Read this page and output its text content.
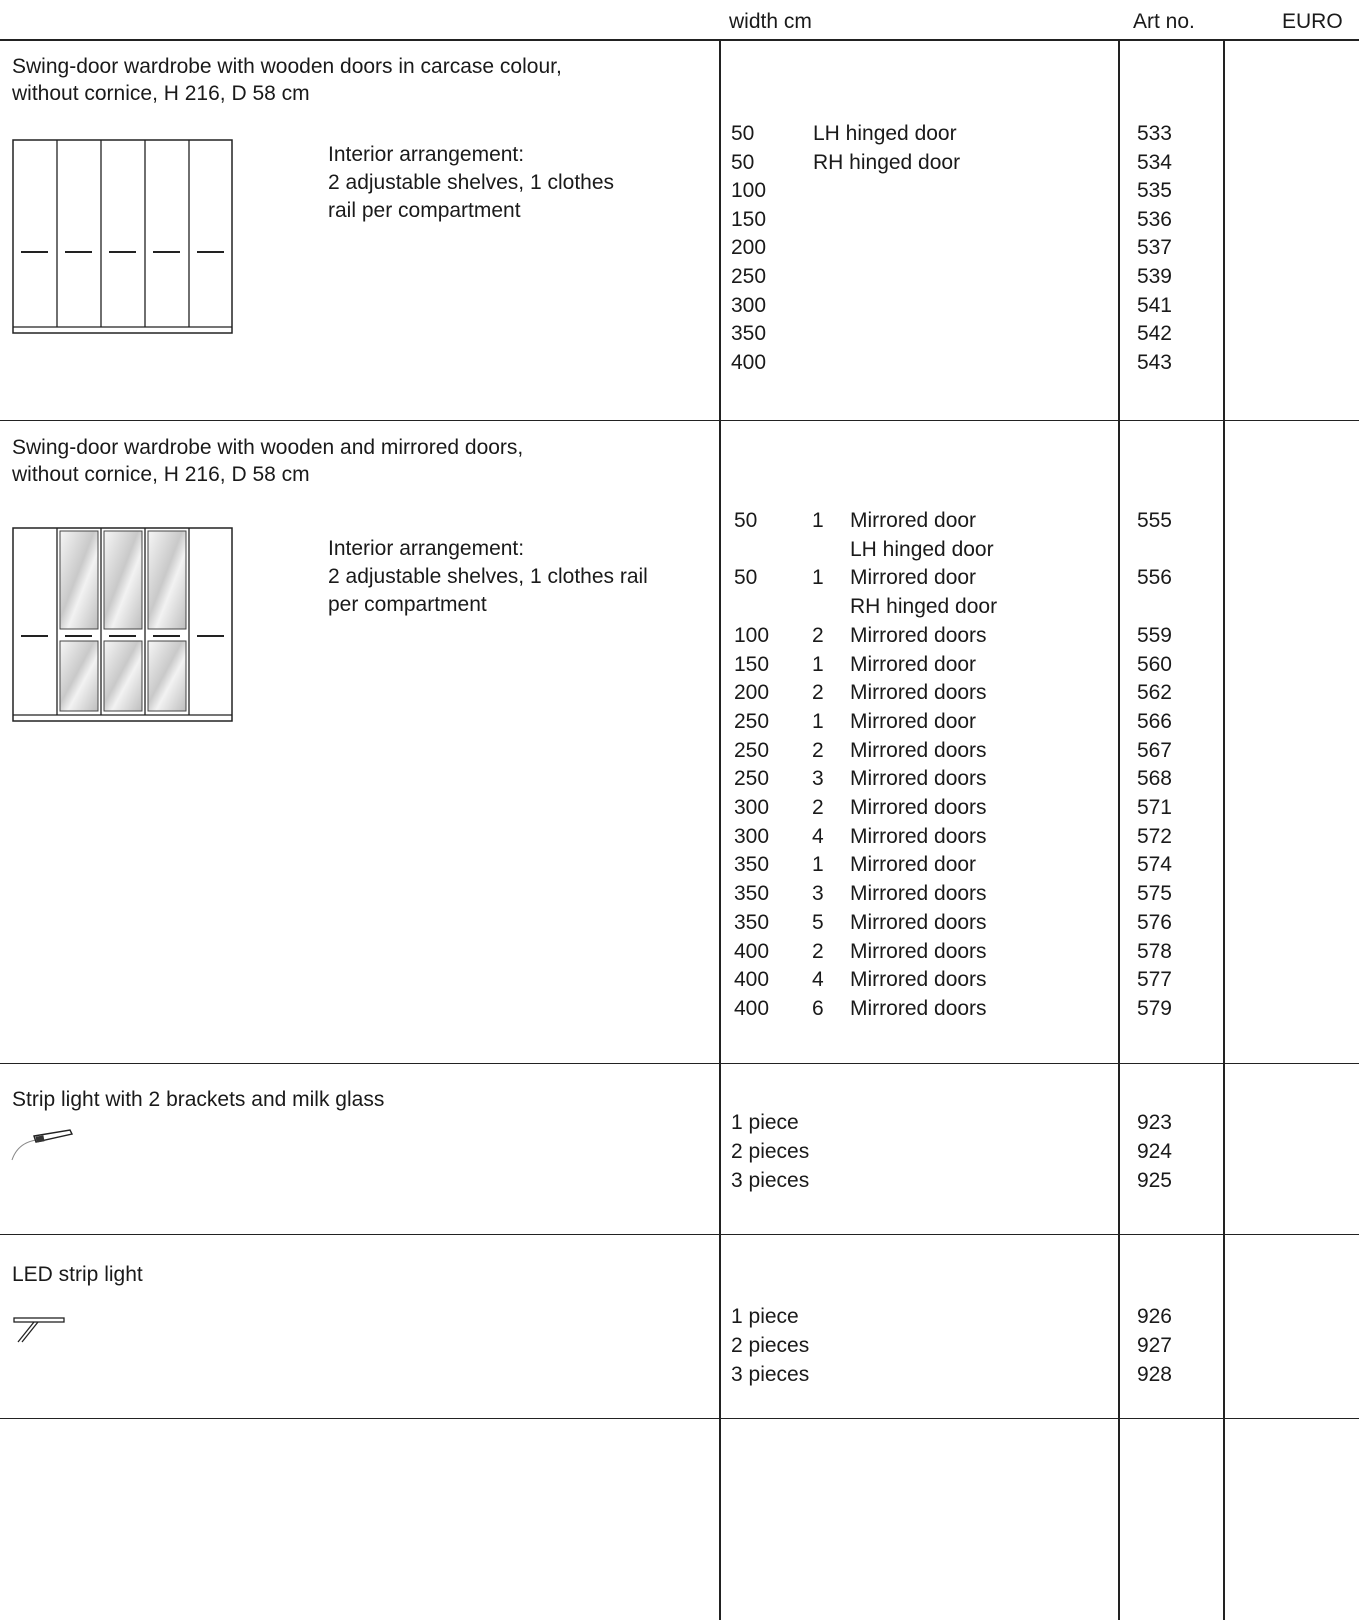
width cm	Art no.	EURO
Swing-door wardrobe with wooden doors in carcase colour,
without cornice, H 216, D 58 cm
Interior arrangement:
2 adjustable shelves, 1 clothes
rail per compartment
50	LH hinged door	533
50	RH hinged door	534
100	535
150	536
200	537
250	539
300	541
350	542
400	543
Swing-door wardrobe with wooden and mirrored doors,
without cornice, H 216, D 58 cm
Interior arrangement:
2 adjustable shelves, 1 clothes rail
per compartment
50	1 Mirrored door	555
LH hinged door
50	1 Mirrored door	556
RH hinged door
100 2 Mirrored doors	559
150 1 Mirrored door	560
200 2 Mirrored doors	562
250 1 Mirrored door	566
250 2 Mirrored doors	567
250 3 Mirrored doors	568
300 2 Mirrored doors	571
300 4 Mirrored doors	572
350 1 Mirrored door	574
350 3 Mirrored doors	575
350 5 Mirrored doors	576
400 2 Mirrored doors	578
400 4 Mirrored doors	577
400 6 Mirrored doors	579
Strip light with 2 brackets and milk glass
1 piece	923
2 pieces	924
3 pieces	925
LED strip light
1 piece	926
2 pieces	927
3 pieces	928
